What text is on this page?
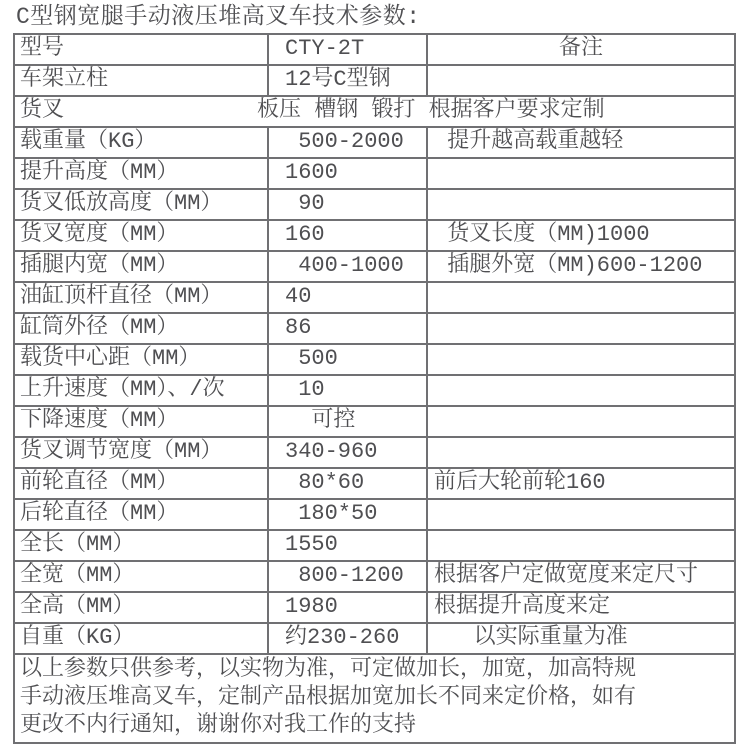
C型钢宽腿手动液压堆高叉车技术参数:
型号	CTY-2T	备注
车架立柱	12号C型钢
货叉	板压 槽钢 锻打 根据客户要求定制
载重量（KG）	500-2000	提升越高载重越轻
提升高度（MM）	1600
货叉低放高度（MM）	90
货叉宽度（MM）	160	货叉长度（MM)1000
插腿内宽（MM）	400-1000	插腿外宽（MM)600-1200
油缸顶杆直径（MM）	40
缸筒外径（MM）	86
载货中心距（MM）	500
上升速度（MM）、/次	10
下降速度（MM）	可控
货叉调节宽度（MM）	340-960
前轮直径（MM）	80*60	前后大轮前轮160
后轮直径（MM）	180*50
全长（MM）	1550
全宽（MM）	800-1200	根据客户定做宽度来定尺寸
全高（MM）	1980	根据提升高度来定
自重（KG）	约230-260	以实际重量为准
以上参数只供参考，以实物为准，可定做加长，加宽，加高特规
手动液压堆高叉车，定制产品根据加宽加长不同来定价格，如有
更改不内行通知，谢谢你对我工作的支持
